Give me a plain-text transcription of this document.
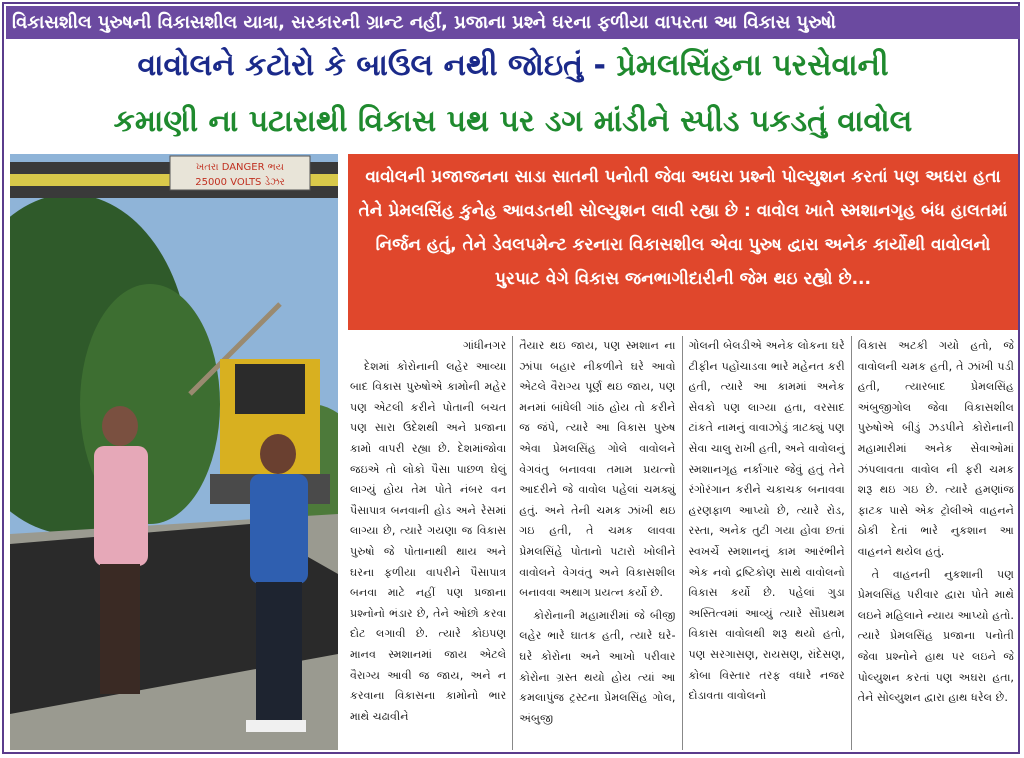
વિકાસશીલ પુરુષની વિકાસશીલ યાત્રા, સરકારની ગ્રાન્ટ નહીં, પ્રજાના પ્રશ્ને ઘરના ફળીયા વાપરતા આ વિકાસ પુરુષો
વાવોલને કટોરો કે બાઉલ નથી જોઇતું - પ્રેમલસિંહના પરસેવાની
કમાણી ના પટારાથી વિકાસ પથ પર ડગ માંડીને સ્પીડ પકડતું વાવોલ
ખતરા DANGER ભય
25000 VOLTS ડેઝર	વાવોલની પ્રજાજનના સાડા સાતની પનોતી જેવા અઘરા પ્રશ્નો પોલ્યુશન કરતાં પણ અઘરા હતા તેને પ્રેમલસિંહ કુનેહ આવડતથી સોલ્યુશન લાવી રહ્યા છે : વાવોલ ખાતે સ્મશાનગૃહ બંધ હાલતમાં નિર્જન હતું, તેને ડેવલપમેન્ટ કરનારા વિકાસશીલ એવા પુરુષ દ્વારા અનેક કાર્યોથી વાવોલનો પુરપાટ વેગે વિકાસ જનભાગીદારીની જેમ થઇ રહ્યો છે...

ગાંધીનગર

દેશમાં કોરોનાની લહેર આવ્યા બાદ વિકાસ પુરુષોએ કામોની મહેર પણ એટલી કરીને પોતાની બચત પણ સારા ઉદેશથી અને પ્રજાના કામો વાપરી રહ્યા છે. દેશમાંજોવા જઇએ તો લોકો પૈસા પાછળ ઘેલું લાગ્યું હોય તેમ પોતે નંબર વન પૈસાપાત્ર બનવાની હોડ અને રેસમાં લાગ્યા છે, ત્યારે ગયણા જ વિકાસ પુરુષો જે પોતાનાથી થાય અને ઘરના ફળીયા વાપરીને પૈસાપાત્ર બનવા માટે નહીં પણ પ્રજાના પ્રશ્નોનો ભંડાર છે, તેને ઓછો કરવા દોટ લગાવી છે. ત્યારે કોઇપણ માનવ સ્મશાનમાં જાય એટલે વૈરાગ્ય આવી જ જાય, અને ન કરવાના વિકાસના કામોનો ભાર માથે ચઢાવીને

તૈયાર થઇ જાય, પણ સ્મશાન ના ઝાંપા બહાર નીકળીને ઘરે આવો એટલે વૈરાગ્ય પૂર્ણ થઇ જાય, પણ મનમાં બાંધેલી ગાંઠ હોય તો કરીને જ જંપે, ત્યારે આ વિકાસ પુરુષ એવા પ્રેમલસિંહ ગોલે વાવોલને વેગવંતુ બનાવવા તમામ પ્રયત્નો આદરીને જે વાવોલ પહેલાં ચમક્યું હતું. અને તેની ચમક ઝાંખી થઇ ગઇ હતી, તે ચમક લાવવા પ્રેમલસિંહે પોતાનો પટારો ખોલીને વાવોલને વેગવંતુ અને વિકાસશીલ બનાવવા અથાગ પ્રયત્ન કર્યો છે.

કોરોનાની મહામારીમાં જે બીજી લહેર ભારે ઘાતક હતી, ત્યારે ઘરે-ઘરે કોરોના અને આખો પરીવાર કોરોના ગ્રસ્ત થયો હોય ત્યાં આ કમલાપુંજ ટ્રસ્ટના પ્રેમલસિંહ ગોલ, અંબુજી

ગોલની બેલડીએ અનેક લોકના ઘરે ટીફીન પહોંચાડવા ભારે મહેનત કરી હતી, ત્યારે આ કામમાં અનેક સેવકો પણ લાગ્યા હતા, વરસાદ ટાંકતે નામનું વાવાઝોડું ત્રાટક્યું પણ સેવા ચાલુ રાખી હતી, અને વાવોલનું સ્મશાનગૃહ નર્કાગાર જેવું હતું તેને રંગોરંગાન કરીને ચકાચક બનાવવા હરણફાળ આપ્યો છે, ત્યારે રોડ, રસ્તા, અનેક તુટી ગયા હોવા છતાં સ્વખર્ચે સ્મશાનનું કામ આરંભીને એક નવો દ્રષ્ટિકોણ સાથે વાવોલનો વિકાસ કર્યો છે. પહેલાં ગુડા અસ્તિત્વમાં આવ્યું ત્યારે સૌપ્રથમ વિકાસ વાવોલથી શરૂ થયો હતો, પણ સરગાસણ, રાયસણ, રાંદેસણ, કોબા વિસ્તાર તરફ વધારે નજર દોડાવતા વાવોલનો

વિકાસ અટકી ગયો હતો, જે વાવોલની ચમક હતી, તે ઝાંખી પડી હતી, ત્યારબાદ પ્રેમલસિંહ અંબુજીગોલ જેવા વિકાસશીલ પુરુષોએ બીડું ઝડપીને કોરોનાની મહામારીમાં અનેક સેવાઓમાં ઝંપલાવતા વાવોલ ની ફરી ચમક શરૂ થઇ ગઇ છે. ત્યારે હમણાંજ ફાટક પાસે એક ટ્રોલીએ વાહનને ઠોકી દેતાં ભારે નુકશાન આ વાહનને થયેલ હતું.

તે વાહનની નુકશાની પણ પ્રેમલસિંહ પરીવાર દ્વારા પોતે માથે લઇને મહિલાને ન્યાય આપ્યો હતો. ત્યારે પ્રેમલસિંહ પ્રજાના પનોતી જેવા પ્રશ્નોને હાથ પર લઇને જે પોલ્યુશન કરતાં પણ અઘરા હતા, તેને સોલ્યુશન દ્વારા હાથ ધરેલ છે.
